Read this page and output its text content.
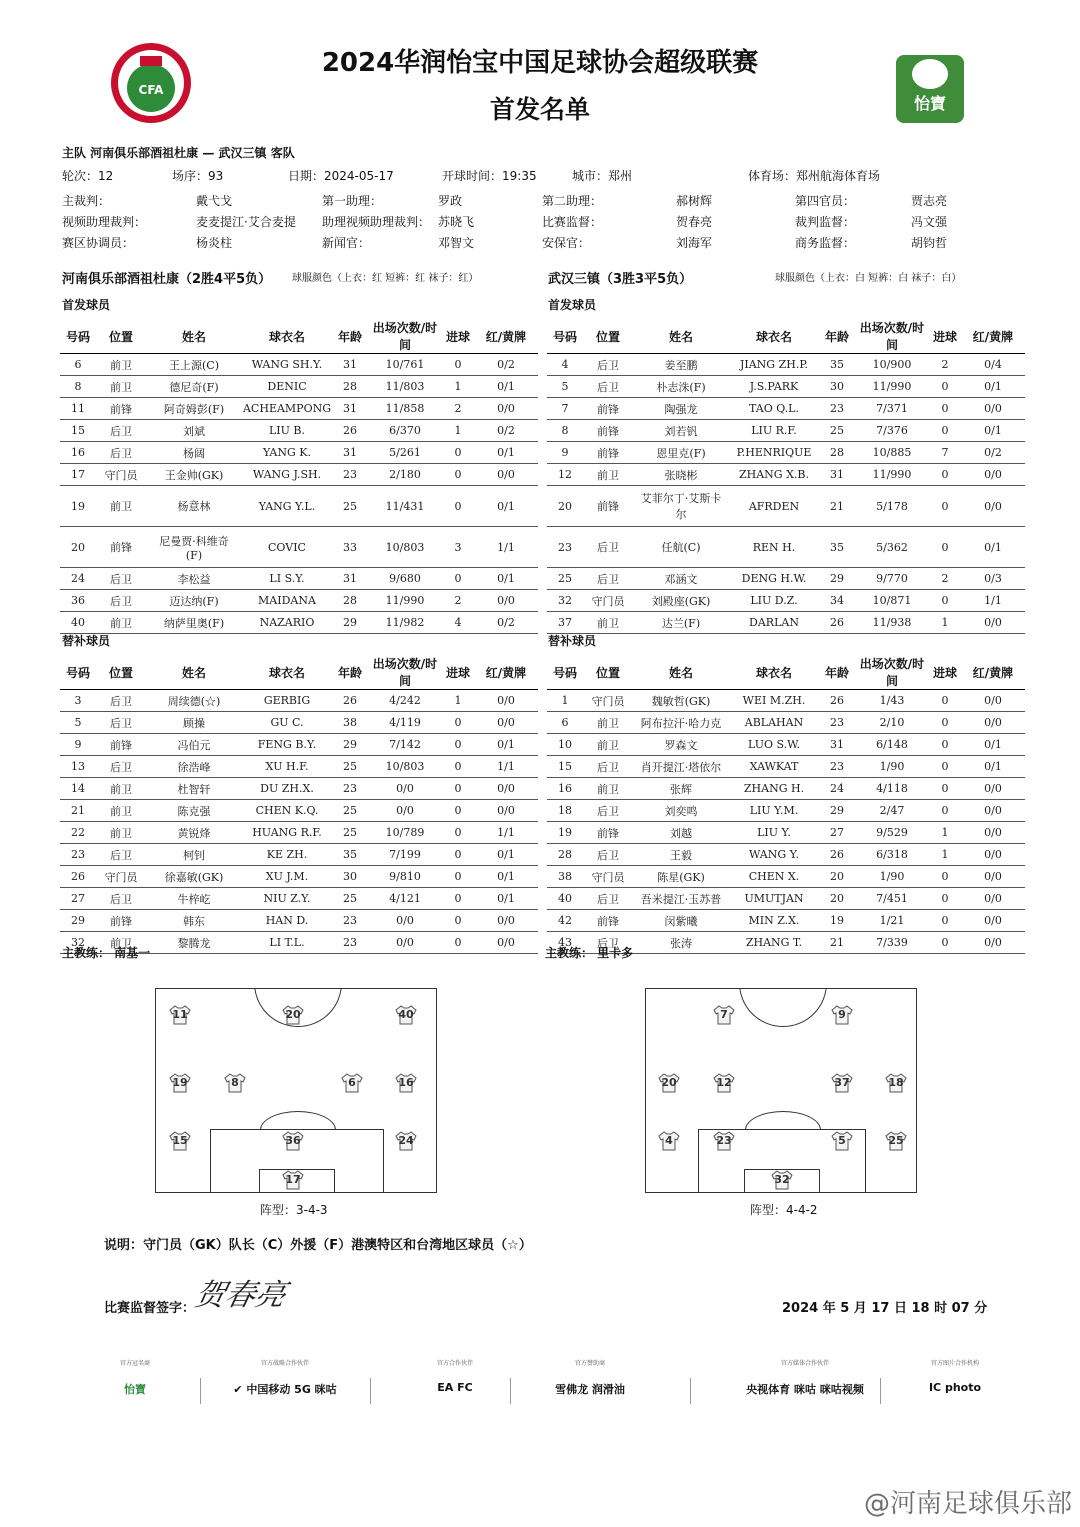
CFA
2024华润怡宝中国足球协会超级联赛
首发名单	怡寶
主队 河南俱乐部酒祖杜康 — 武汉三镇 客队
轮次：12	场序：93	日期：2024-05-17	开球时间：19:35	城市：郑州	体育场：郑州航海体育场
主裁判：	戴弋戈	第一助理：	罗政	第二助理：	郝树辉	第四官员：	贾志亮
视频助理裁判：	麦麦提江·艾合麦提 助理视频助理裁判： 苏晓飞	比赛监督：	贺春亮	裁判监督：	冯文强
赛区协调员：	杨炎柱	新闻官：	邓智文	安保官：	刘海军	商务监督：	胡钧哲
河南俱乐部酒祖杜康（2胜4平5负） 球服颜色（上衣：红 短裤：红 袜子：红）	武汉三镇（3胜3平5负）	球服颜色（上衣：白 短裤：白 袜子：白）
首发球员	首发球员
号码	位置	姓名	球衣名	年龄	出场次数/时间	进球	红/黄牌
6	前卫	王上源(C)	WANG SH.Y.	31	10/761	0	0/2
8	前卫	德尼奇(F)	DENIC	28	11/803	1	0/1
11	前锋	阿奇姆彭(F)	ACHEAMPONG	31	11/858	2	0/0
15	后卫	刘斌	LIU B.	26	6/370	1	0/2
16	后卫	杨阔	YANG K.	31	5/261	0	0/1
17	守门员	王金帅(GK)	WANG J.SH.	23	2/180	0	0/0
19	前卫	杨意林	YANG Y.L.	25	11/431	0	0/1
20	前锋	尼曼贾·科维奇(F)	COVIC	33	10/803	3	1/1
24	后卫	李松益	LI S.Y.	31	9/680	0	0/1
36	后卫	迈达纳(F)	MAIDANA	28	11/990	2	0/0
40	前卫	纳萨里奥(F)	NAZARIO	29	11/982	4	0/2
号码	位置	姓名	球衣名	年龄	出场次数/时间	进球	红/黄牌
4	后卫	姜至鹏	JIANG ZH.P.	35	10/900	2	0/4
5	后卫	朴志洙(F)	J.S.PARK	30	11/990	0	0/1
7	前锋	陶强龙	TAO Q.L.	23	7/371	0	0/0
8	前锋	刘若钒	LIU R.F.	25	7/376	0	0/1
9	前锋	恩里克(F)	P.HENRIQUE	28	10/885	7	0/2
12	前卫	张晓彬	ZHANG X.B.	31	11/990	0	0/0
20	前锋	艾菲尔丁·艾斯卡尔	AFRDEN	21	5/178	0	0/0
23	后卫	任航(C)	REN H.	35	5/362	0	0/1
25	后卫	邓涵文	DENG H.W.	29	9/770	2	0/3
32	守门员	刘殿座(GK)	LIU D.Z.	34	10/871	0	1/1
37	前卫	达兰(F)	DARLAN	26	11/938	1	0/0
替补球员	替补球员
号码	位置	姓名	球衣名	年龄	出场次数/时间	进球	红/黄牌
3	后卫	周续德(☆)	GERBIG	26	4/242	1	0/0
5	后卫	顾操	GU C.	38	4/119	0	0/0
9	前锋	冯伯元	FENG B.Y.	29	7/142	0	0/1
13	后卫	徐浩峰	XU H.F.	25	10/803	0	1/1
14	前卫	杜智轩	DU ZH.X.	23	0/0	0	0/0
21	前卫	陈克强	CHEN K.Q.	25	0/0	0	0/0
22	前卫	黄锐烽	HUANG R.F.	25	10/789	0	1/1
23	后卫	柯钊	KE ZH.	35	7/199	0	0/1
26	守门员	徐嘉敏(GK)	XU J.M.	30	9/810	0	0/1
27	后卫	牛梓屹	NIU Z.Y.	25	4/121	0	0/1
29	前锋	韩东	HAN D.	23	0/0	0	0/0
32	前卫	黎腾龙	LI T.L.	23	0/0	0	0/0
号码	位置	姓名	球衣名	年龄	出场次数/时间	进球	红/黄牌
1	守门员	魏敏哲(GK)	WEI M.ZH.	26	1/43	0	0/0
6	前卫	阿布拉汗·哈力克	ABLAHAN	23	2/10	0	0/0
10	前卫	罗森文	LUO S.W.	31	6/148	0	0/1
15	后卫	肖开提江·塔依尔	XAWKAT	23	1/90	0	0/1
16	前卫	张辉	ZHANG H.	24	4/118	0	0/0
18	后卫	刘奕鸣	LIU Y.M.	29	2/47	0	0/0
19	前锋	刘越	LIU Y.	27	9/529	1	0/0
28	后卫	王毅	WANG Y.	26	6/318	1	0/0
38	守门员	陈星(GK)	CHEN X.	20	1/90	0	0/0
40	后卫	吾米提江·玉苏普	UMUTJAN	20	7/451	0	0/0
42	前锋	闵紫曦	MIN Z.X.	19	1/21	0	0/0
43	后卫	张涛	ZHANG T.	21	7/339	0	0/0
主教练： 南基一	主教练： 里卡多
11	20	40
19	8	6	16
15	36	24
17
阵型：3-4-3
7	9
20	12	37	18
4	23	5	25
32
阵型：4-4-2
说明：守门员（GK）队长（C）外援（F）港澳特区和台湾地区球员（☆）
比赛监督签字：
贺春亮	2024 年 5 月 17 日 18 时 07 分
官方冠名商
怡寶
官方战略合作伙伴
✔ 中国移动 5G 咪咕
官方合作伙伴
EA FC
官方赞助商
雪佛龙 润滑油
官方媒体合作伙伴
央视体育 咪咕 咪咕视频
官方图片合作机构
IC photo
@河南足球俱乐部
